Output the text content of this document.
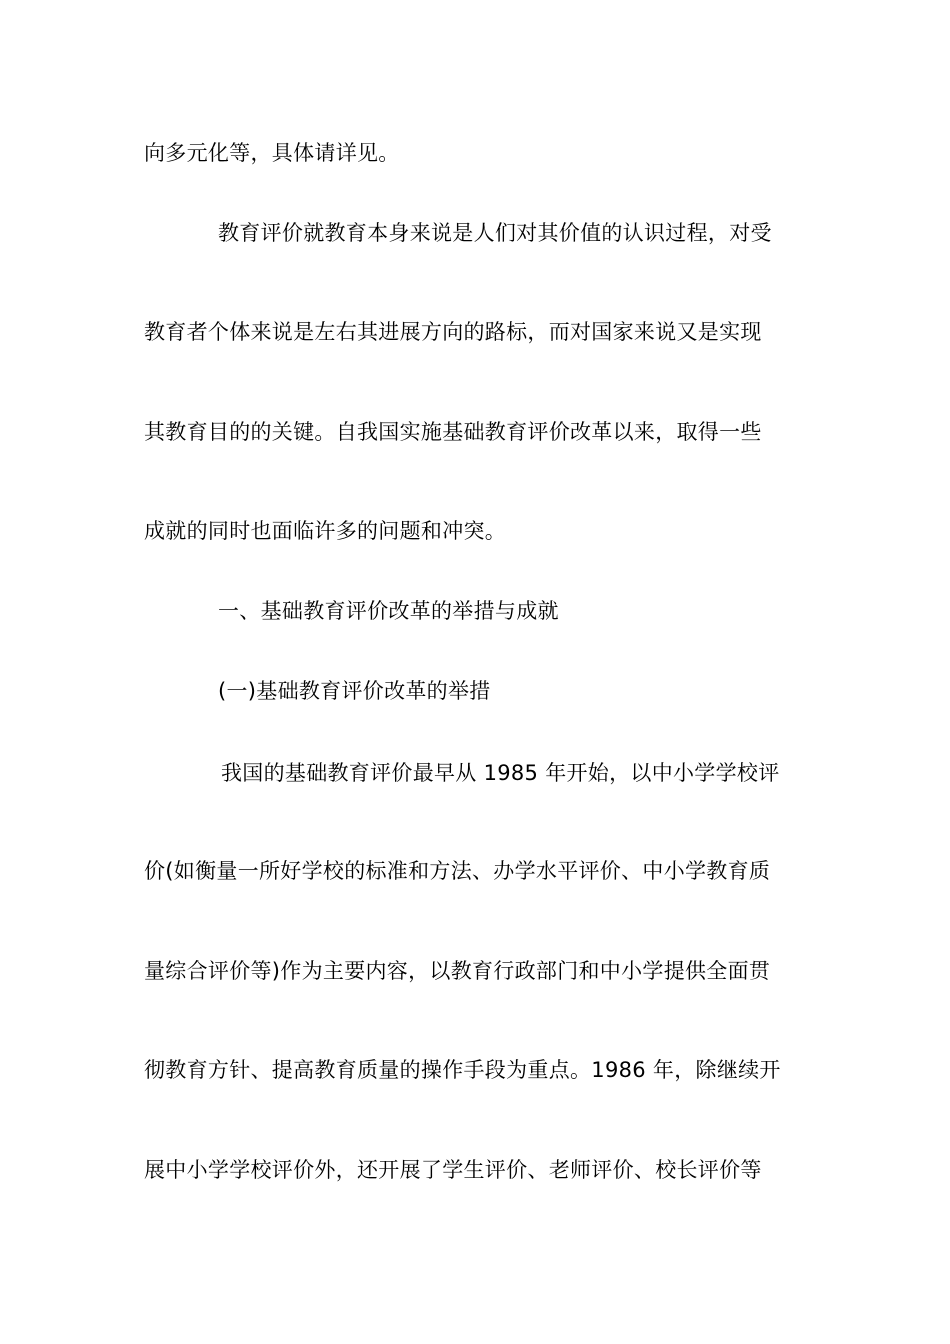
向多元化等，具体请详见。
教育评价就教育本身来说是人们对其价值的认识过程，对受
教育者个体来说是左右其进展方向的路标，而对国家来说又是实现
其教育目的的关键。自我国实施基础教育评价改革以来，取得一些
成就的同时也面临许多的问题和冲突。
一、基础教育评价改革的举措与成就
(一)基础教育评价改革的举措
我国的基础教育评价最早从 1985 年开始，以中小学学校评
价(如衡量一所好学校的标准和方法、办学水平评价、中小学教育质
量综合评价等)作为主要内容，以教育行政部门和中小学提供全面贯
彻教育方针、提高教育质量的操作手段为重点。1986 年，除继续开
展中小学学校评价外，还开展了学生评价、老师评价、校长评价等
